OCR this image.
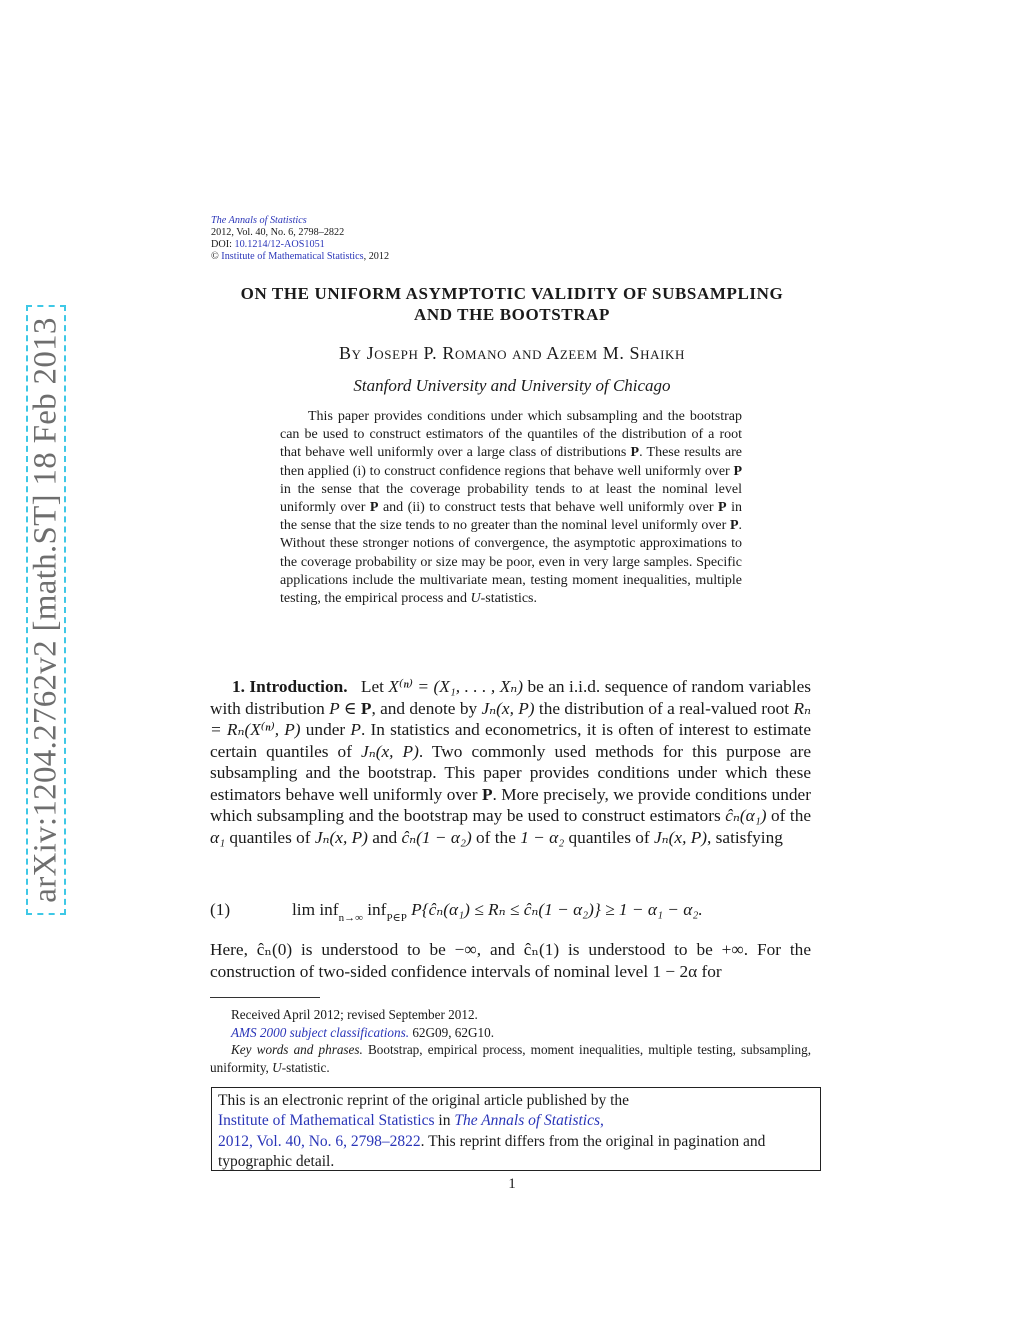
arXiv:1204.2762v2 [math.ST] 18 Feb 2013
The Annals of Statistics
2012, Vol. 40, No. 6, 2798–2822
DOI: 10.1214/12-AOS1051
© Institute of Mathematical Statistics, 2012
ON THE UNIFORM ASYMPTOTIC VALIDITY OF SUBSAMPLING
AND THE BOOTSTRAP
By Joseph P. Romano and Azeem M. Shaikh
Stanford University and University of Chicago

This paper provides conditions under which subsampling and the bootstrap can be used to construct estimators of the quantiles of the distribution of a root that behave well uniformly over a large class of distributions P. These results are then applied (i) to construct confidence regions that behave well uniformly over P in the sense that the coverage probability tends to at least the nominal level uniformly over P and (ii) to construct tests that behave well uniformly over P in the sense that the size tends to no greater than the nominal level uniformly over P. Without these stronger notions of convergence, the asymptotic approximations to the coverage probability or size may be poor, even in very large samples. Specific applications include the multivariate mean, testing moment inequalities, multiple testing, the empirical process and U-statistics.

1. Introduction. Let X⁽ⁿ⁾ = (X₁, . . . , Xₙ) be an i.i.d. sequence of random variables with distribution P ∈ P, and denote by Jₙ(x, P) the distribution of a real-valued root Rₙ = Rₙ(X⁽ⁿ⁾, P) under P. In statistics and econometrics, it is often of interest to estimate certain quantiles of Jₙ(x, P). Two commonly used methods for this purpose are subsampling and the bootstrap. This paper provides conditions under which these estimators behave well uniformly over P. More precisely, we provide conditions under which subsampling and the bootstrap may be used to construct estimators ĉₙ(α₁) of the α₁ quantiles of Jₙ(x, P) and ĉₙ(1 − α₂) of the 1 − α₂ quantiles of Jₙ(x, P), satisfying

(1)	lim inf$_{n\to\infty}$ inf$_{P\in P}$ P{ĉₙ(α₁) ≤ Rₙ ≤ ĉₙ(1 − α₂)} ≥ 1 − α₁ − α₂.

Here, ĉₙ(0) is understood to be −∞, and ĉₙ(1) is understood to be +∞. For the construction of two-sided confidence intervals of nominal level 1 − 2α for

Received April 2012; revised September 2012.

AMS 2000 subject classifications. 62G09, 62G10.

Key words and phrases. Bootstrap, empirical process, moment inequalities, multiple testing, subsampling, uniformity, U-statistic.

This is an electronic reprint of the original article published by the
Institute of Mathematical Statistics in The Annals of Statistics,
2012, Vol. 40, No. 6, 2798–2822. This reprint differs from the original in pagination and typographic detail.
1
